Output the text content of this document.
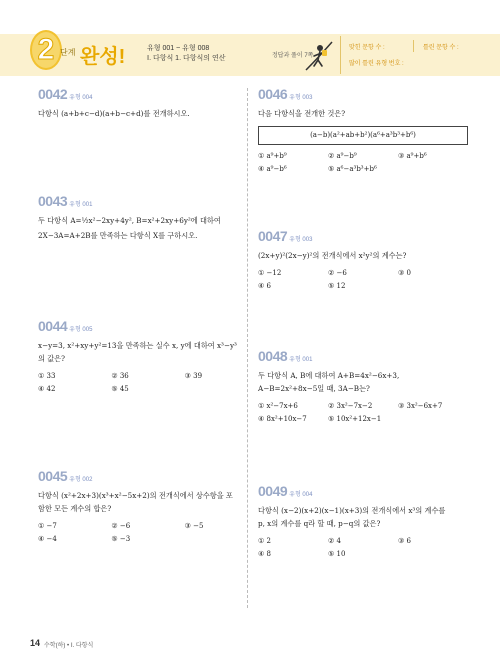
2 단계 완성!	유형 001 ~ 유형 008
Ⅰ. 다항식 1. 다항식의 연산	정답과 풀이 7쪽
맞힌 문항 수 :	틀린 문항 수 :
많이 틀린 유형 번호 :
0042 유형 004
다항식 (a+b+c−d)(a+b−c+d)를 전개하시오.
0043 유형 001
두 다항식 A=½x²−2xy+4y², B=x²+2xy+6y²에 대하여
2X−3A=A+2B를 만족하는 다항식 X를 구하시오.
0044 유형 005
x−y=3, x²+xy+y²=13을 만족하는 실수 x, y에 대하여 x³−y³
의 값은?
① 33	② 36	③ 39
④ 42	⑤ 45
0045 유형 002
다항식 (x²+2x+3)(x³+x²−5x+2)의 전개식에서 상수항을 포
함한 모든 계수의 합은?
① −7	② −6	③ −5
④ −4	⑤ −3
0046 유형 003
다음 다항식을 전개한 것은?
(a−b)(a²+ab+b²)(a⁶+a³b³+b⁶)
① a⁹+b⁹	② a⁹−b⁹	③ a⁹+b⁶
④ a⁹−b⁶	⑤ a⁶−a³b³+b⁶
0047 유형 003
(2x+y)²(2x−y)²의 전개식에서 x²y²의 계수는?
① −12	② −6	③ 0
④ 6	⑤ 12
0048 유형 001
두 다항식 A, B에 대하여 A+B=4x²−6x+3,
A−B=2x²+8x−5일 때, 3A−B는?
① x²−7x+6	② 3x²−7x−2	③ 3x²−6x+7
④ 8x²+10x−7	⑤ 10x²+12x−1
0049 유형 004
다항식 (x−2)(x+2)(x−1)(x+3)의 전개식에서 x³의 계수를
p, x의 계수를 q라 할 때, p−q의 값은?
① 2	② 4	③ 6
④ 8	⑤ 10
14 수학(하) • Ⅰ. 다항식
